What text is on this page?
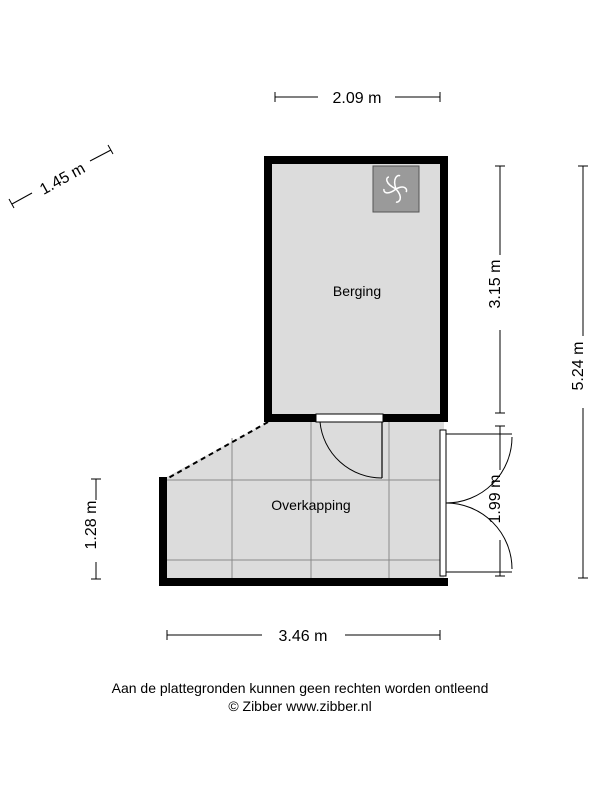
Berging
Overkapping
2.09 m
1.45 m
3.15 m
5.24 m
1.99 m
1.28 m
3.46 m
Aan de plattegronden kunnen geen rechten worden ontleend
© Zibber www.zibber.nl
